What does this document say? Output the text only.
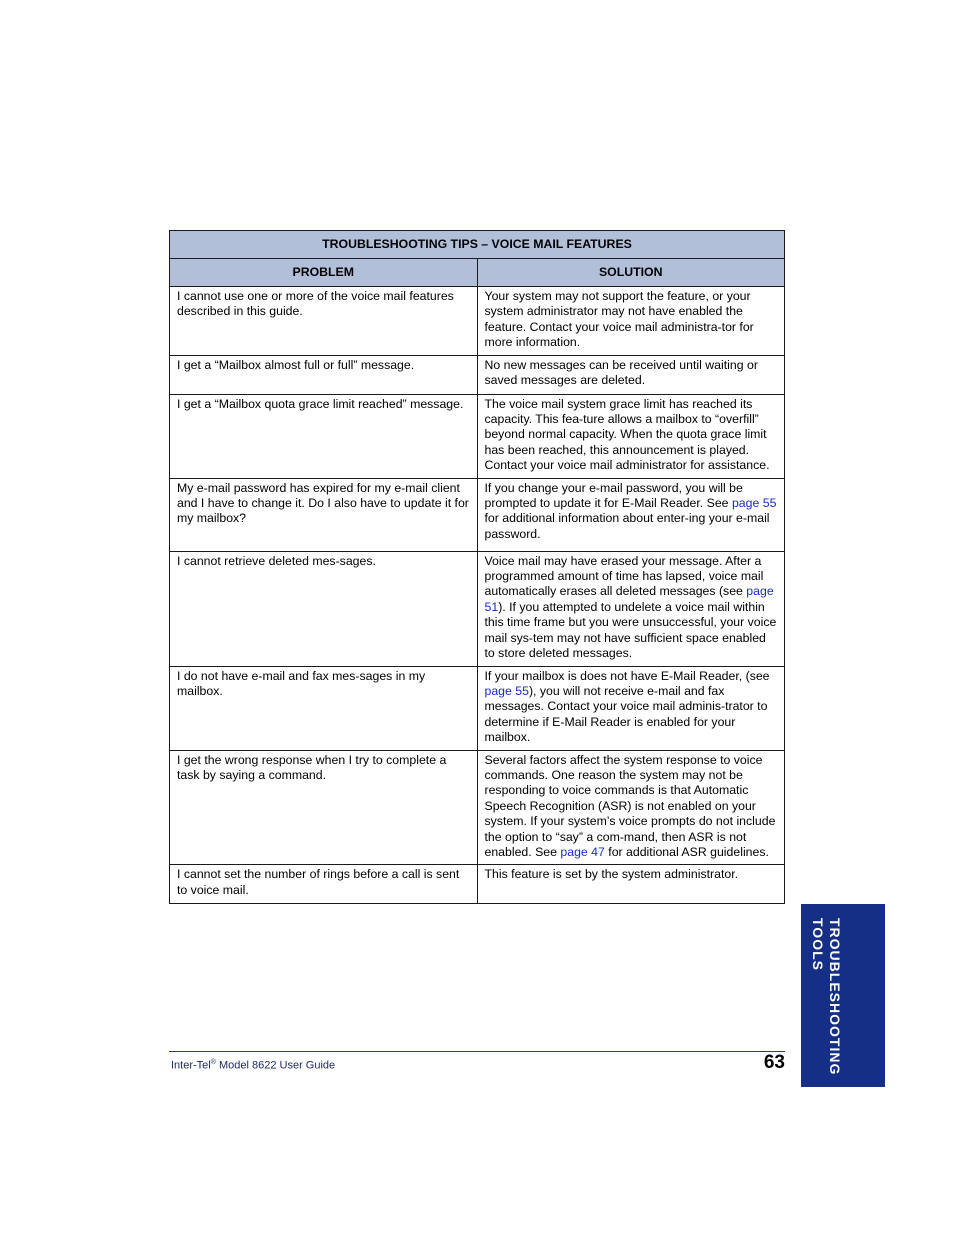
TROUBLESHOOTING TIPS – VOICE MAIL FEATURES	
PROBLEM	SOLUTION
I cannot use one or more of the voice mail features described in this guide.	Your system may not support the feature, or your system administrator may not have enabled the feature. Contact your voice mail administra-tor for more information.
I get a “Mailbox almost full or full” message.	No new messages can be received until waiting or saved messages are deleted.
I get a “Mailbox quota grace limit reached” message.	The voice mail system grace limit has reached its capacity. This fea-ture allows a mailbox to “overfill” beyond normal capacity. When the quota grace limit has been reached, this announcement is played. Contact your voice mail administrator for assistance.
My e-mail password has expired for my e-mail client and I have to change it. Do I also have to update it for my mailbox?	If you change your e-mail password, you will be prompted to update it for E-Mail Reader. See page 55 for additional information about enter-ing your e-mail password.
I cannot retrieve deleted mes-sages.	Voice mail may have erased your message. After a programmed amount of time has lapsed, voice mail automatically erases all deleted messages (see page 51). If you attempted to undelete a voice mail within this time frame but you were unsuccessful, your voice mail sys-tem may not have sufficient space enabled to store deleted messages.
I do not have e-mail and fax mes-sages in my mailbox.	If your mailbox is does not have E-Mail Reader, (see page 55), you will not receive e-mail and fax messages. Contact your voice mail adminis-trator to determine if E-Mail Reader is enabled for your mailbox.
I get the wrong response when I try to complete a task by saying a command.	Several factors affect the system response to voice commands. One reason the system may not be responding to voice commands is that Automatic Speech Recognition (ASR) is not enabled on your system. If your system’s voice prompts do not include the option to “say” a com-mand, then ASR is not enabled. See page 47 for additional ASR guidelines.
I cannot set the number of rings before a call is sent to voice mail.	This feature is set by the system administrator.
Inter-Tel® Model 8622 User Guide	63	TROUBLESHOOTING
TOOLS
